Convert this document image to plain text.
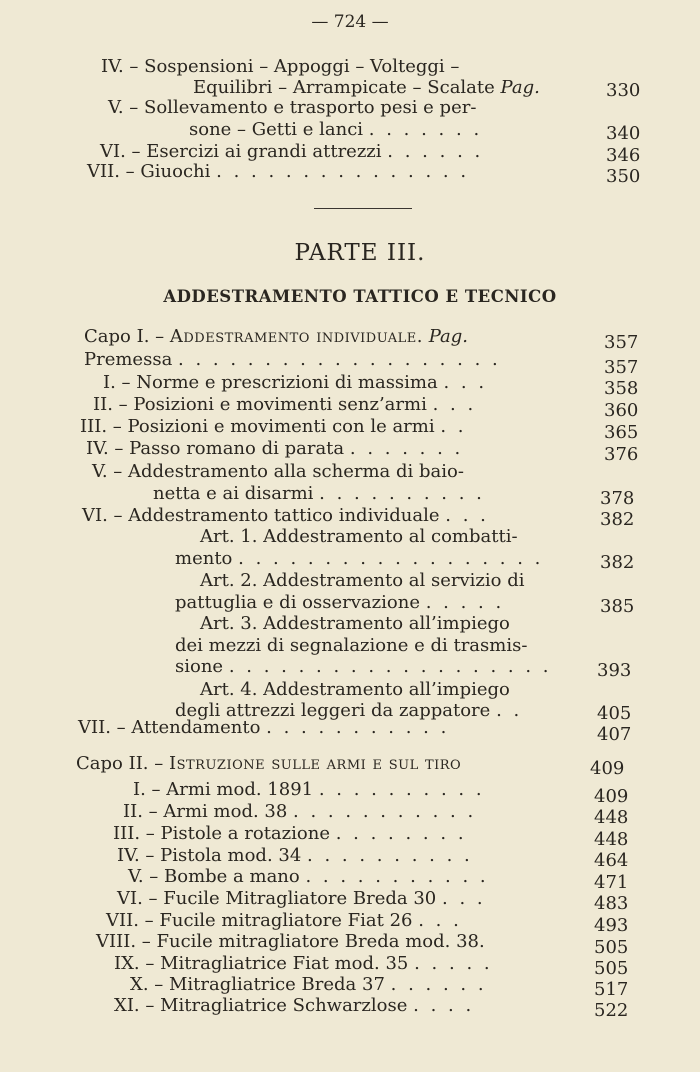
— 724 —
IV. – Sospensioni – Appoggi – Volteggi –
Equilibri – Arrampicate – Scalate Pag.	330
V. – Sollevamento e trasporto pesi e per-
sone – Getti e lanci . . . . . . .	340
VI. – Esercizi ai grandi attrezzi . . . . . .	346
VII. – Giuochi . . . . . . . . . . . . . . .	350
PARTE III.
ADDESTRAMENTO TATTICO E TECNICO
Capo I. – Addestramento individuale. Pag.	357
Premessa . . . . . . . . . . . . . . . . . . .	357
I. – Norme e prescrizioni di massima . . .	358
II. – Posizioni e movimenti senz’armi . . .	360
III. – Posizioni e movimenti con le armi . .	365
IV. – Passo romano di parata . . . . . . .	376
V. – Addestramento alla scherma di baio-
netta e ai disarmi . . . . . . . . . .	378
VI. – Addestramento tattico individuale . . .	382
Art. 1. Addestramento al combatti-
mento . . . . . . . . . . . . . . . . . .	382
Art. 2. Addestramento al servizio di
pattuglia e di osservazione . . . . .	385
Art. 3. Addestramento all’impiego
dei mezzi di segnalazione e di trasmis-
sione . . . . . . . . . . . . . . . . . . .	393
Art. 4. Addestramento all’impiego
degli attrezzi leggeri da zappatore . .	405
VII. – Attendamento . . . . . . . . . . .	407
Capo II. – Istruzione sulle armi e sul tiro	409
I. – Armi mod. 1891 . . . . . . . . . .	409
II. – Armi mod. 38 . . . . . . . . . . .	448
III. – Pistole a rotazione . . . . . . . .	448
IV. – Pistola mod. 34 . . . . . . . . . .	464
V. – Bombe a mano . . . . . . . . . . .	471
VI. – Fucile Mitragliatore Breda 30 . . .	483
VII. – Fucile mitragliatore Fiat 26 . . .	493
VIII. – Fucile mitragliatore Breda mod. 38.	505
IX. – Mitragliatrice Fiat mod. 35 . . . . .	505
X. – Mitragliatrice Breda 37 . . . . . .	517
XI. – Mitragliatrice Schwarzlose . . . .	522
